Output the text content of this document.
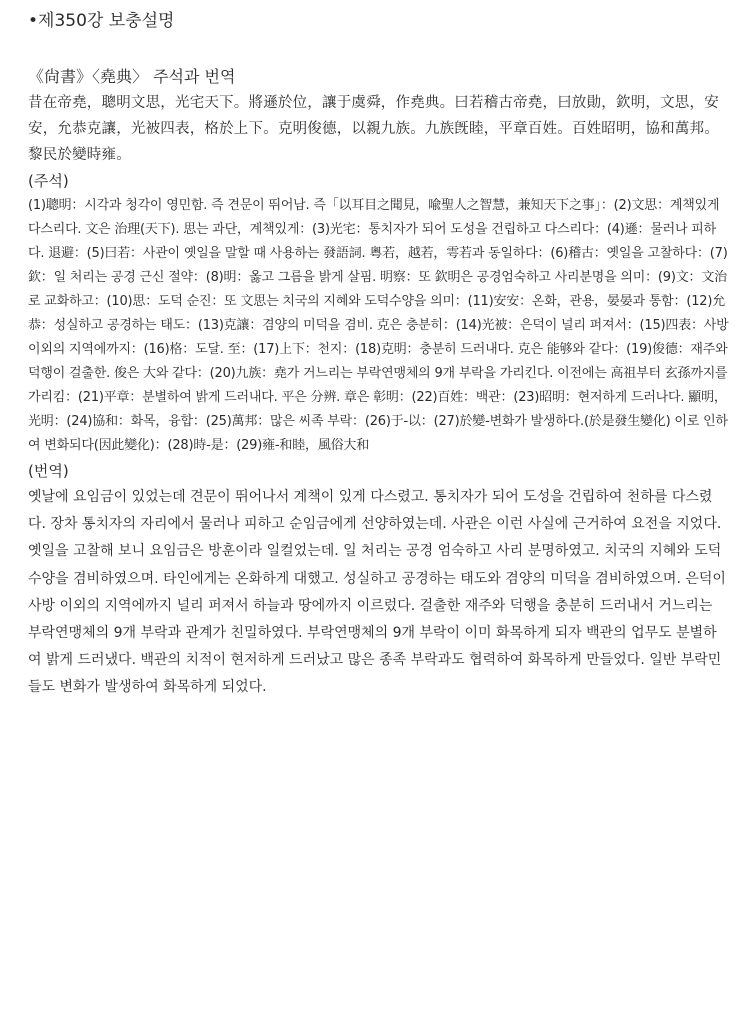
•제350강 보충설명

《尙書》〈堯典〉 주석과 번역

昔在帝堯，聰明文思，光宅天下。將遜於位，讓于虞舜，作堯典。曰若稽古帝堯，曰放勛，欽明，文思，安安，允恭克讓，光被四表，格於上下。克明俊德，以親九族。九族旣睦，平章百姓。百姓昭明，協和萬邦。黎民於變時雍。

(주석)

(1)聰明：시각과 청각이 영민함. 즉 견문이 뛰어남. 즉「以耳目之聞見，喩聖人之智慧，兼知天下之事」：(2)文思：계책있게 다스리다. 文은 治理(天下). 思는 과단，계책있게：(3)光宅：통치자가 되어 도성을 건립하고 다스리다：(4)遜：물러나 피하다. 退避：(5)曰若：사관이 옛일을 말할 때 사용하는 發語詞. 粵若，越若，雩若과 동일하다：(6)稽古：옛일을 고찰하다：(7)欽：일 처리는 공경 근신 절약：(8)明：옳고 그름을 밝게 살핌. 明察：또 欽明은 공경엄숙하고 사리분명을 의미：(9)文：文治로 교화하고：(10)思：도덕 순진：또 文思는 치국의 지혜와 도덕수양을 의미：(11)安安：온화，관용，晏晏과 통함：(12)允恭：성실하고 공경하는 태도：(13)克讓：겸양의 미덕을 겸비. 克은 충분히：(14)光被：은덕이 널리 퍼져서：(15)四表：사방 이외의 지역에까지：(16)格：도달. 至：(17)上下：천지：(18)克明：충분히 드러내다. 克은 能够와 같다：(19)俊德：재주와 덕행이 걸출한. 俊은 大와 같다：(20)九族：堯가 거느리는 부락연맹체의 9개 부락을 가리킨다. 이전에는 高祖부터 玄孫까지를 가리킴：(21)平章：분별하여 밝게 드러내다. 平은 分辨. 章은 彰明：(22)百姓：백관：(23)昭明：현저하게 드러나다. 顯明，光明：(24)協和：화목，융합：(25)萬邦：많은 씨족 부락：(26)于-以：(27)於變-변화가 발생하다.(於是發生變化) 이로 인하여 변화되다(因此變化)：(28)時-是：(29)雍-和睦，風俗大和

(번역)

옛날에 요임금이 있었는데 견문이 뛰어나서 계책이 있게 다스렸고. 통치자가 되어 도성을 건립하여 천하를 다스렸다. 장차 통치자의 자리에서 물러나 피하고 순임금에게 선양하였는데. 사관은 이런 사실에 근거하여 요전을 지었다. 옛일을 고찰해 보니 요임금은 방훈이라 일컬었는데. 일 처리는 공경 엄숙하고 사리 분명하였고. 치국의 지혜와 도덕 수양을 겸비하였으며. 타인에게는 온화하게 대했고. 성실하고 공경하는 태도와 겸양의 미덕을 겸비하였으며. 은덕이 사방 이외의 지역에까지 널리 퍼져서 하늘과 땅에까지 이르렀다. 걸출한 재주와 덕행을 충분히 드러내서 거느리는 부락연맹체의 9개 부락과 관계가 친밀하였다. 부락연맹체의 9개 부락이 이미 화목하게 되자 백관의 업무도 분별하여 밝게 드러냈다. 백관의 치적이 현저하게 드러났고 많은 종족 부락과도 협력하여 화목하게 만들었다. 일반 부락민들도 변화가 발생하여 화목하게 되었다.
